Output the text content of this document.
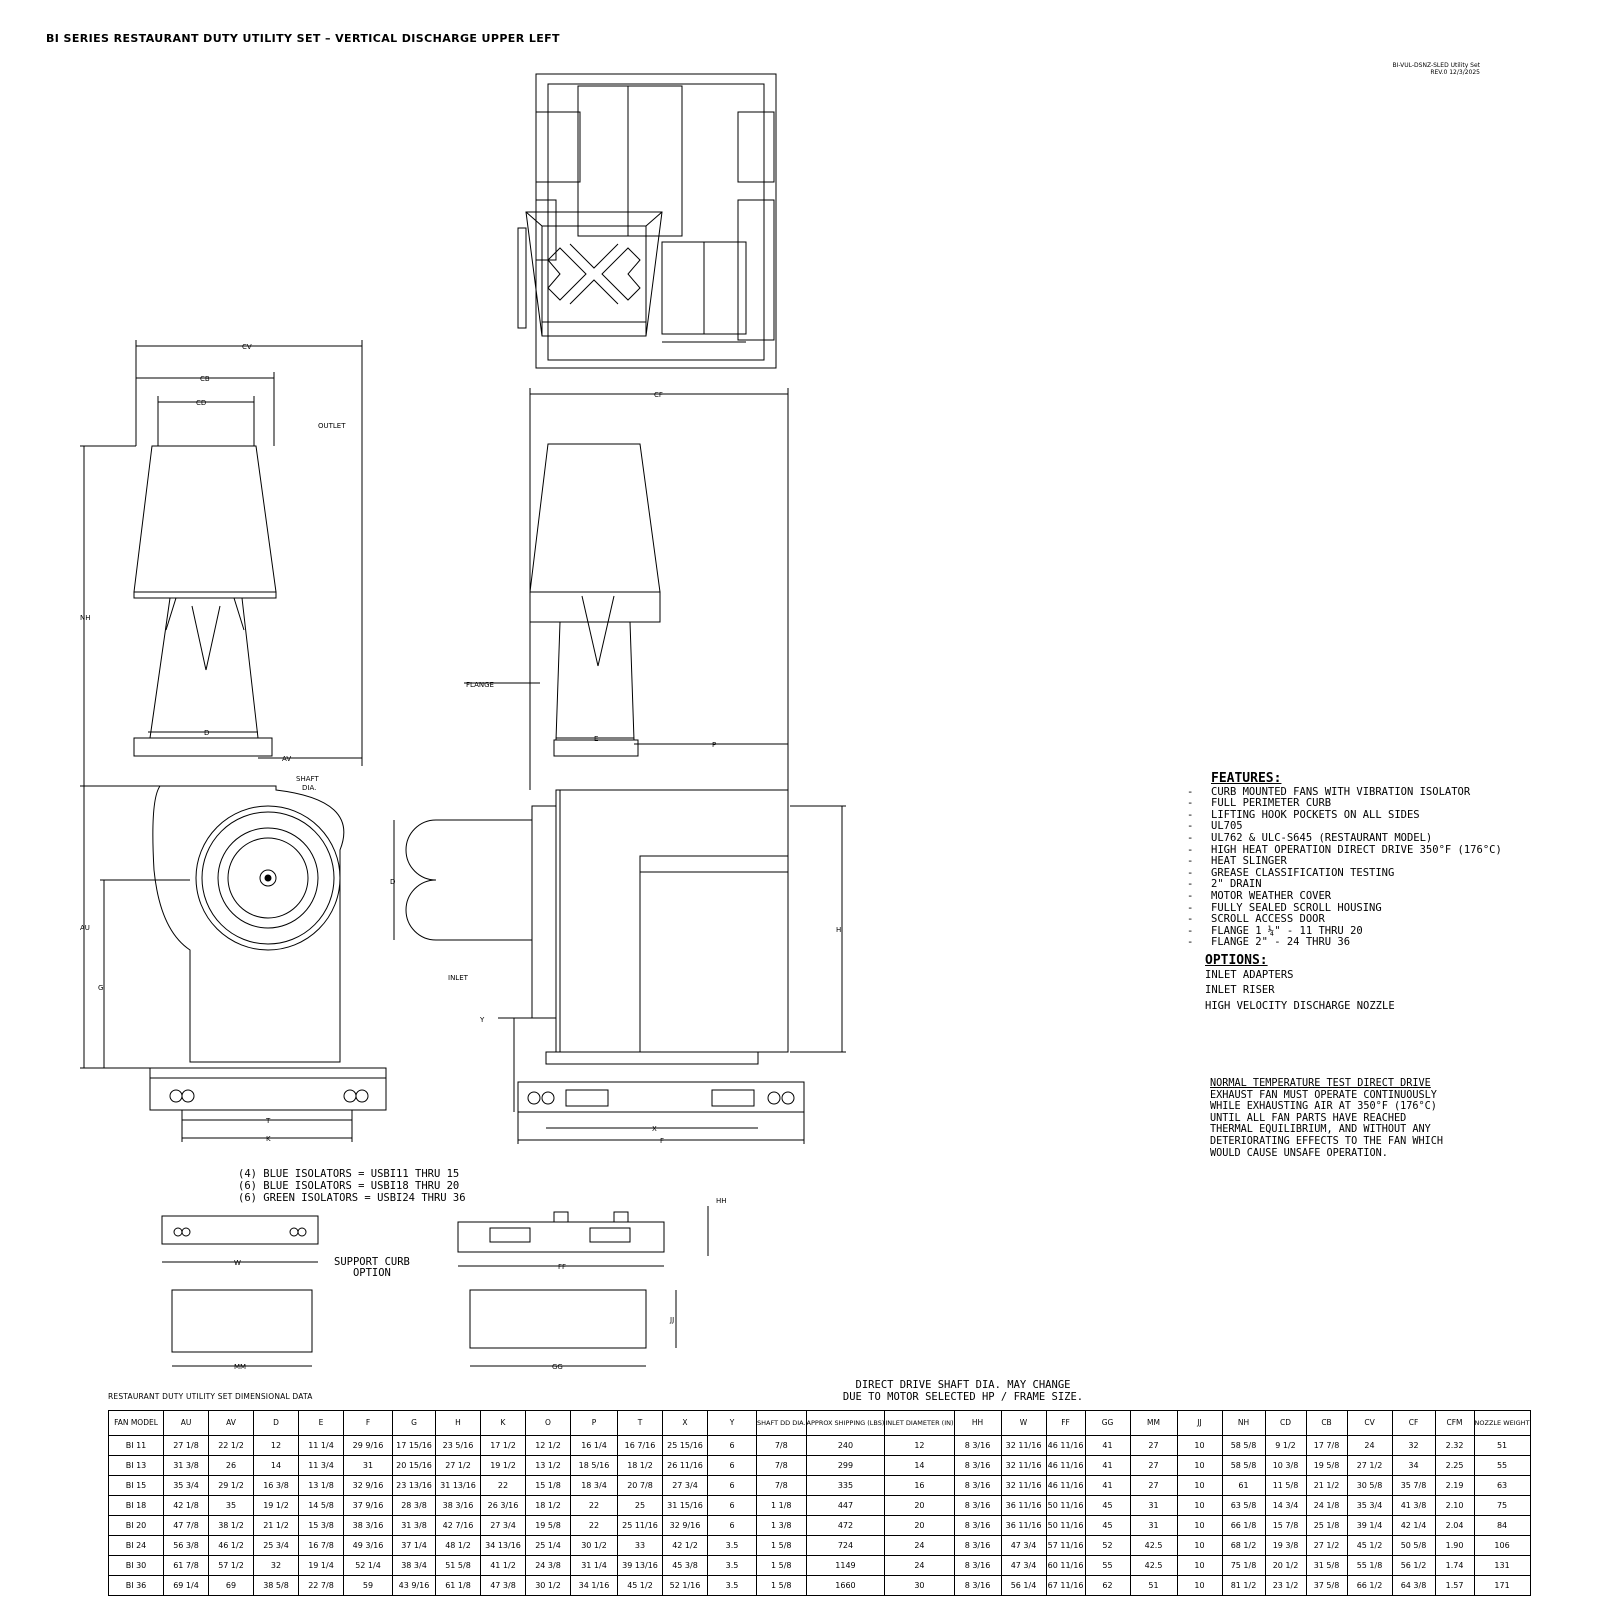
BI SERIES RESTAURANT DUTY UTILITY SET – VERTICAL DISCHARGE UPPER LEFT
BI-VUL-DSNZ-SLED Utility Set
REV.0 12/3/2025
CV
CB
CD
OUTLET
NH
D
AV
SHAFT
DIA.
AU
G
T
K
CF
FLANGE
E
P
D
H
INLET
Y
X
F
HH
W	FF
JJ
MM	GG
FEATURES:
- CURB MOUNTED FANS WITH VIBRATION ISOLATOR
- FULL PERIMETER CURB
- LIFTING HOOK POCKETS ON ALL SIDES
- UL705
- UL762 & ULC-S645 (RESTAURANT MODEL)
- HIGH HEAT OPERATION DIRECT DRIVE 350°F (176°C)
- HEAT SLINGER
- GREASE CLASSIFICATION TESTING
- 2" DRAIN
- MOTOR WEATHER COVER
- FULLY SEALED SCROLL HOUSING
- SCROLL ACCESS DOOR
- FLANGE 1 ¼" - 11 THRU 20
- FLANGE 2" - 24 THRU 36
OPTIONS:
INLET ADAPTERS
INLET RISER
HIGH VELOCITY DISCHARGE NOZZLE
NORMAL TEMPERATURE TEST DIRECT DRIVE
EXHAUST FAN MUST OPERATE CONTINUOUSLY
WHILE EXHAUSTING AIR AT 350°F (176°C)
UNTIL ALL FAN PARTS HAVE REACHED
THERMAL EQUILIBRIUM, AND WITHOUT ANY
DETERIORATING EFFECTS TO THE FAN WHICH
WOULD CAUSE UNSAFE OPERATION.
(4) BLUE ISOLATORS = USBI11 THRU 15
(6) BLUE ISOLATORS = USBI18 THRU 20
(6) GREEN ISOLATORS = USBI24 THRU 36
SUPPORT CURB
OPTION
DIRECT DRIVE SHAFT DIA. MAY CHANGE
DUE TO MOTOR SELECTED HP / FRAME SIZE.
RESTAURANT DUTY UTILITY SET DIMENSIONAL DATA
FAN MODEL	AU	AV	D	E	F	G	H	K	O	P	T	X	Y	SHAFT DD DIA.	APPROX SHIPPING (LBS)	INLET DIAMETER (IN)	HH	W	FF	GG	MM	JJ	NH	CD	CB	CV	CF	CFM	NOZZLE WEIGHT
BI 11	27 1/8	22 1/2	12	11 1/4	29 9/16	17 15/16	23 5/16	17 1/2	12 1/2	16 1/4	16 7/16	25 15/16	6	7/8	240	12	8 3/16	32 11/16	46 11/16	41	27	10	58 5/8	9 1/2	17 7/8	24	32	2.32	51
BI 13	31 3/8	26	14	11 3/4	31	20 15/16	27 1/2	19 1/2	13 1/2	18 5/16	18 1/2	26 11/16	6	7/8	299	14	8 3/16	32 11/16	46 11/16	41	27	10	58 5/8	10 3/8	19 5/8	27 1/2	34	2.25	55
BI 15	35 3/4	29 1/2	16 3/8	13 1/8	32 9/16	23 13/16	31 13/16	22	15 1/8	18 3/4	20 7/8	27 3/4	6	7/8	335	16	8 3/16	32 11/16	46 11/16	41	27	10	61	11 5/8	21 1/2	30 5/8	35 7/8	2.19	63
BI 18	42 1/8	35	19 1/2	14 5/8	37 9/16	28 3/8	38 3/16	26 3/16	18 1/2	22	25	31 15/16	6	1 1/8	447	20	8 3/16	36 11/16	50 11/16	45	31	10	63 5/8	14 3/4	24 1/8	35 3/4	41 3/8	2.10	75
BI 20	47 7/8	38 1/2	21 1/2	15 3/8	38 3/16	31 3/8	42 7/16	27 3/4	19 5/8	22	25 11/16	32 9/16	6	1 3/8	472	20	8 3/16	36 11/16	50 11/16	45	31	10	66 1/8	15 7/8	25 1/8	39 1/4	42 1/4	2.04	84
BI 24	56 3/8	46 1/2	25 3/4	16 7/8	49 3/16	37 1/4	48 1/2	34 13/16	25 1/4	30 1/2	33	42 1/2	3.5	1 5/8	724	24	8 3/16	47 3/4	57 11/16	52	42.5	10	68 1/2	19 3/8	27 1/2	45 1/2	50 5/8	1.90	106
BI 30	61 7/8	57 1/2	32	19 1/4	52 1/4	38 3/4	51 5/8	41 1/2	24 3/8	31 1/4	39 13/16	45 3/8	3.5	1 5/8	1149	24	8 3/16	47 3/4	60 11/16	55	42.5	10	75 1/8	20 1/2	31 5/8	55 1/8	56 1/2	1.74	131
BI 36	69 1/4	69	38 5/8	22 7/8	59	43 9/16	61 1/8	47 3/8	30 1/2	34 1/16	45 1/2	52 1/16	3.5	1 5/8	1660	30	8 3/16	56 1/4	67 11/16	62	51	10	81 1/2	23 1/2	37 5/8	66 1/2	64 3/8	1.57	171
